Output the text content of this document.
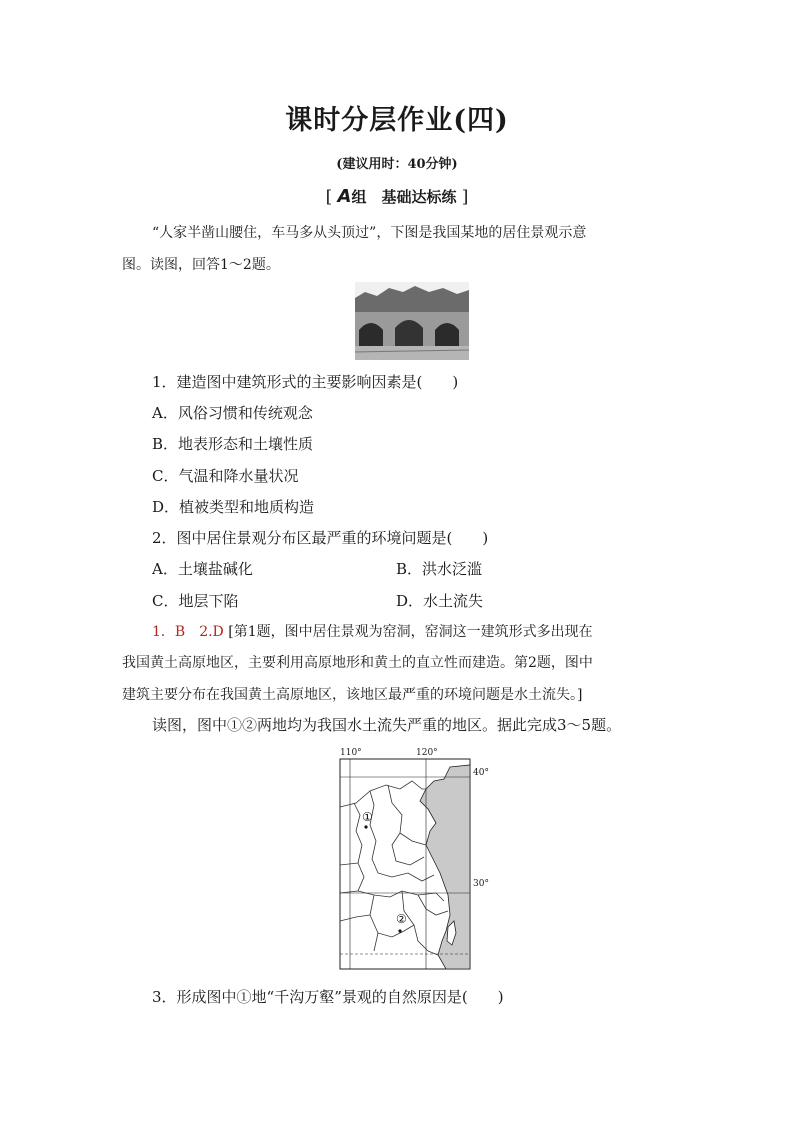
课时分层作业(四)
(建议用时：40分钟)
[ A组　基础达标练 ]
“人家半凿山腰住，车马多从头顶过”，下图是我国某地的居住景观示意
图。读图，回答1～2题。
1．建造图中建筑形式的主要影响因素是(　　)
A．风俗习惯和传统观念
B．地表形态和土壤性质
C．气温和降水量状况
D．植被类型和地质构造
2．图中居住景观分布区最严重的环境问题是(　　)
A．土壤盐碱化	B．洪水泛滥
C．地层下陷	D．水土流失
1．B　2.D [第1题，图中居住景观为窑洞，窑洞这一建筑形式多出现在
我国黄土高原地区，主要利用高原地形和黄土的直立性而建造。第2题，图中
建筑主要分布在我国黄土高原地区，该地区最严重的环境问题是水土流失。]
读图，图中①②两地均为我国水土流失严重的地区。据此完成3～5题。
110°	120°
①
②
40°
30°
3．形成图中①地“千沟万壑”景观的自然原因是(　　)
